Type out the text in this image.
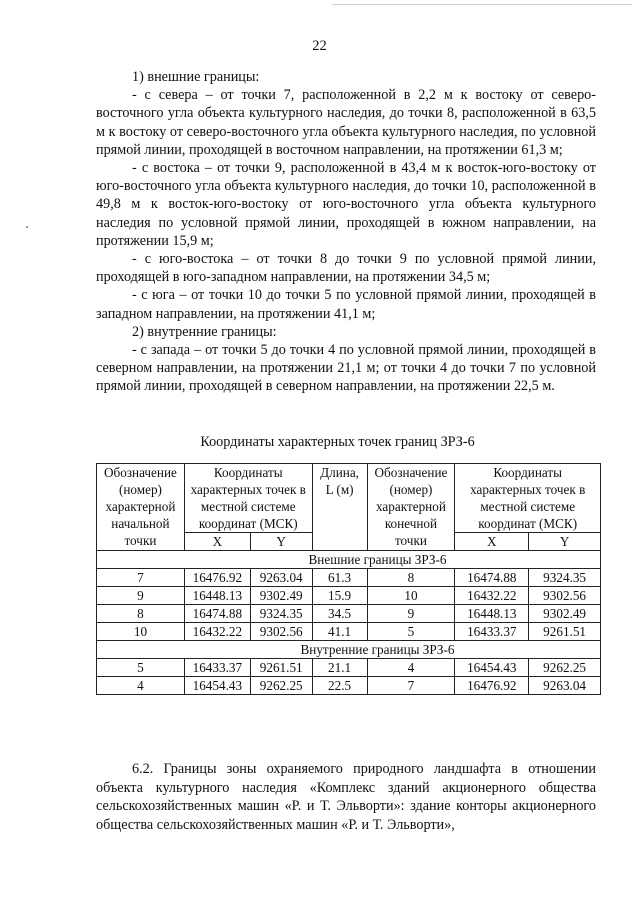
22

1) внешние границы:

- с севера – от точки 7, расположенной в 2,2 м к востоку от северо-восточного угла объекта культурного наследия, до точки 8, расположенной в 63,5 м к востоку от северо-восточного угла объекта культурного наследия, по условной прямой линии, проходящей в восточном направлении, на протяжении 61,3 м;

- с востока – от точки 9, расположенной в 43,4 м к восток-юго-востоку от юго-восточного угла объекта культурного наследия, до точки 10, расположенной в 49,8 м к восток-юго-востоку от юго-восточного угла объекта культурного наследия по условной прямой линии, проходящей в южном направлении, на протяжении 15,9 м;

- с юго-востока – от точки 8 до точки 9 по условной прямой линии, проходящей в юго-западном направлении, на протяжении 34,5 м;

- с юга – от точки 10 до точки 5 по условной прямой линии, проходящей в западном направлении, на протяжении 41,1 м;

2) внутренние границы:

- с запада – от точки 5 до точки 4 по условной прямой линии, проходящей в северном направлении, на протяжении 21,1 м; от точки 4 до точки 7 по условной прямой линии, проходящей в северном направлении, на протяжении 22,5 м.

Координаты характерных точек границ ЗРЗ-6
Обозначение (номер) характерной начальной точки	Координаты характерных точек в местной системе координат (МСК)		Длина, L (м)	Обозначение (номер) характерной конечной точки	Координаты характерных точек в местной системе координат (МСК)	
	X	Y			X	Y
Внешние границы ЗРЗ-6						
7	16476.92	9263.04	61.3	8	16474.88	9324.35
9	16448.13	9302.49	15.9	10	16432.22	9302.56
8	16474.88	9324.35	34.5	9	16448.13	9302.49
10	16432.22	9302.56	41.1	5	16433.37	9261.51
Внутренние границы ЗРЗ-6						
5	16433.37	9261.51	21.1	4	16454.43	9262.25
4	16454.43	9262.25	22.5	7	16476.92	9263.04

6.2. Границы зоны охраняемого природного ландшафта в отношении объекта культурного наследия «Комплекс зданий акционерного общества сельскохозяйственных машин «Р. и Т. Эльворти»: здание конторы акционерного общества сельскохозяйственных машин «Р. и Т. Эльворти»,
